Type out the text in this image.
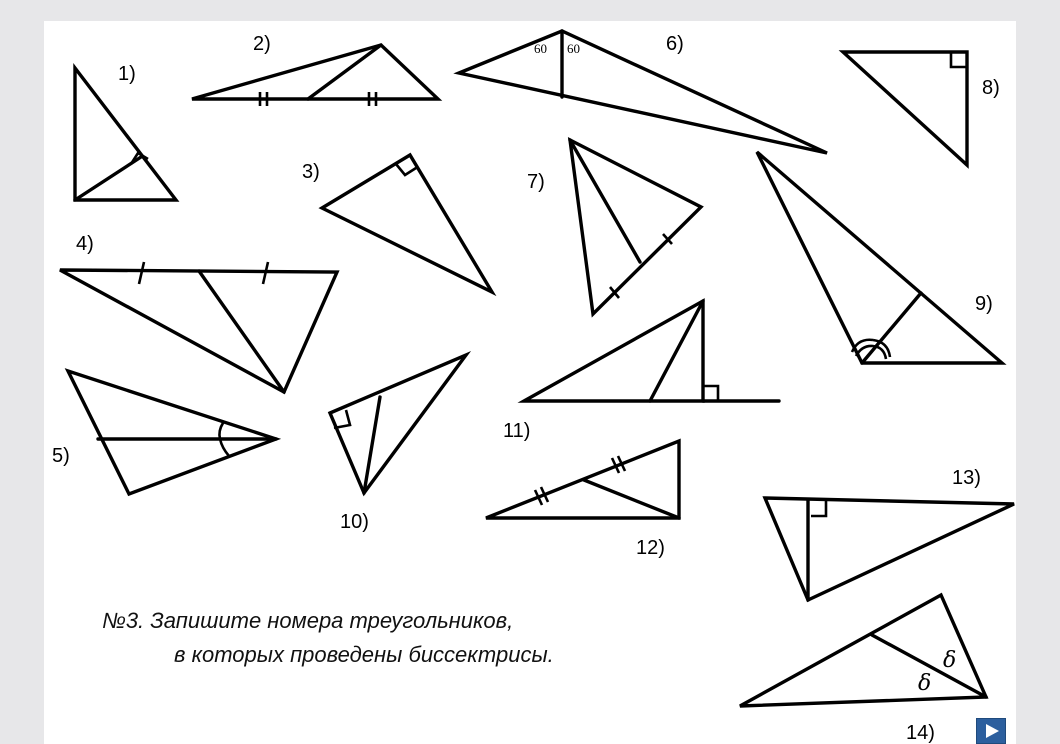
1)
2)
3)
4)
5)
60 60	6)
7)
8)
9)
10)
11)
12)
13)
δ
δ
14)
№3. Запишите номера треугольников,
в которых проведены биссектрисы.
